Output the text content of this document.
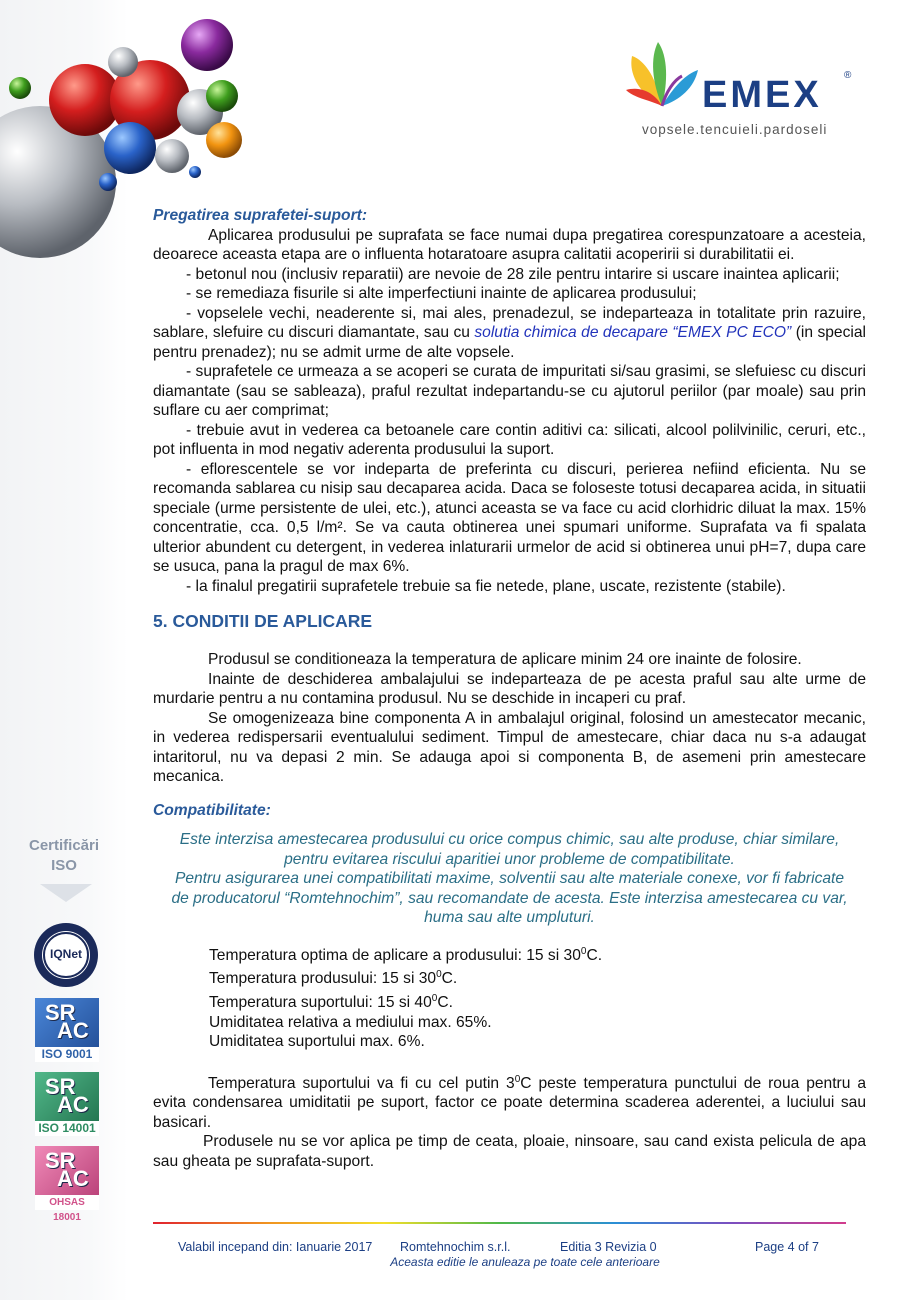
EMEX ®
vopsele.tencuieli.pardoseli
Certificări
ISO
IQNet
SR
AC
ISO 9001
SR
AC
ISO 14001
SR
AC
OHSAS 18001

Pregatirea suprafetei-suport:

Aplicarea produsului pe suprafata se face numai dupa pregatirea corespunzatoare a acesteia, deoarece aceasta etapa are o influenta hotaratoare asupra calitatii acoperirii si durabilitatii ei.

- betonul nou (inclusiv reparatii) are nevoie de 28 zile pentru intarire si uscare inaintea aplicarii;

- se remediaza fisurile si alte imperfectiuni inainte de aplicarea produsului;

- vopselele vechi, neaderente si, mai ales, prenadezul, se indeparteaza in totalitate prin razuire, sablare, slefuire cu discuri diamantate, sau cu solutia chimica de decapare “EMEX PC ECO” (in special pentru prenadez); nu se admit urme de alte vopsele.

- suprafetele ce urmeaza a se acoperi se curata de impuritati si/sau grasimi, se slefuiesc cu discuri diamantate (sau se sableaza), praful rezultat indepartandu-se cu ajutorul periilor (par moale) sau prin suflare cu aer comprimat;

- trebuie avut in vederea ca betoanele care contin aditivi ca: silicati, alcool polilvinilic, ceruri, etc., pot influenta in mod negativ aderenta produsului la suport.

- eflorescentele se vor indeparta de preferinta cu discuri, perierea nefiind eficienta. Nu se recomanda sablarea cu nisip sau decaparea acida. Daca se foloseste totusi decaparea acida, in situatii speciale (urme persistente de ulei, etc.), atunci aceasta se va face cu acid clorhidric diluat la max. 15% concentratie, cca. 0,5 l/m². Se va cauta obtinerea unei spumari uniforme. Suprafata va fi spalata ulterior abundent cu detergent, in vederea inlaturarii urmelor de acid si obtinerea unui pH=7, dupa care se usuca, pana la pragul de max 6%.

- la finalul pregatirii suprafetele trebuie sa fie netede, plane, uscate, rezistente (stabile).

5. CONDITII DE APLICARE

Produsul se conditioneaza la temperatura de aplicare minim 24 ore inainte de folosire.

Inainte de deschiderea ambalajului se indeparteaza de pe acesta praful sau alte urme de murdarie pentru a nu contamina produsul. Nu se deschide in incaperi cu praf.

Se omogenizeaza bine componenta A in ambalajul original, folosind un amestecator mecanic, in vederea redispersarii eventualului sediment. Timpul de amestecare, chiar daca nu s-a adaugat intaritorul, nu va depasi 2 min. Se adauga apoi si componenta B, de asemeni prin amestecare mecanica.

Compatibilitate:

Este interzisa amestecarea produsului cu orice compus chimic, sau alte produse, chiar similare, pentru evitarea riscului aparitiei unor probleme de compatibilitate.

Pentru asigurarea unei compatibilitati maxime, solventii sau alte materiale conexe, vor fi fabricate de producatorul “Romtehnochim”, sau recomandate de acesta. Este interzisa amestecarea cu var, huma sau alte umpluturi.

Temperatura optima de aplicare a produsului: 15 si $30^0C$.

Temperatura produsului: 15 si $30^0C$.

Temperatura suportului: 15 si $40^0C$.

Umiditatea relativa a mediului max. 65%.

Umiditatea suportului max. 6%.

Temperatura suportului va fi cu cel putin $3^0C$ peste temperatura punctului de roua pentru a evita condensarea umiditatii pe suport, factor ce poate determina scaderea aderentei, a luciului sau basicari.

Produsele nu se vor aplica pe timp de ceata, ploaie, ninsoare, sau cand exista pelicula de apa sau gheata pe suprafata-suport.

Valabil incepand din: Ianuarie 2017 Romtehnochim s.r.l.	Editia 3 Revizia 0	Page 4 of 7
Aceasta editie le anuleaza pe toate cele anterioare
